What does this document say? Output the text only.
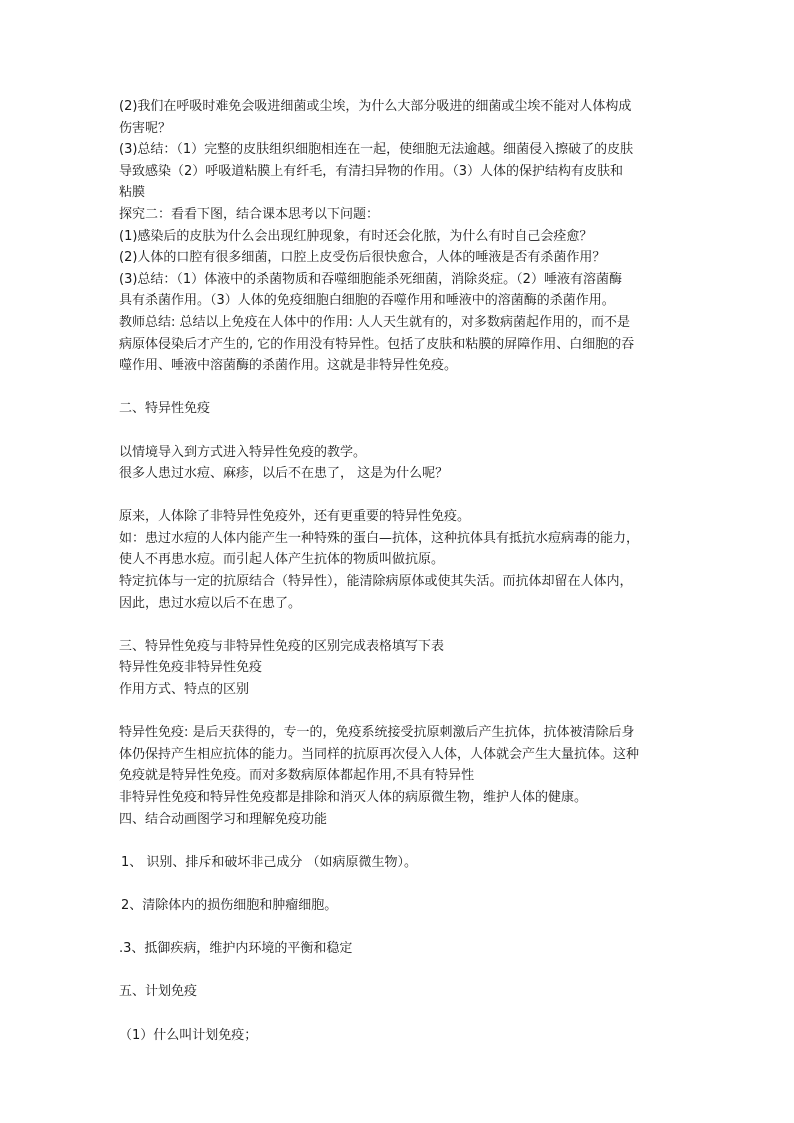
(2)我们在呼吸时难免会吸进细菌或尘埃，为什么大部分吸进的细菌或尘埃不能对人体构成
伤害呢？
(3)总结：（1）完整的皮肤组织细胞相连在一起，使细胞无法逾越。细菌侵入擦破了的皮肤
导致感染（2）呼吸道粘膜上有纤毛，有清扫异物的作用。（3）人体的保护结构有皮肤和
粘膜
探究二：看看下图，结合课本思考以下问题：
(1)感染后的皮肤为什么会出现红肿现象，有时还会化脓，为什么有时自己会痊愈？
(2)人体的口腔有很多细菌，口腔上皮受伤后很快愈合，人体的唾液是否有杀菌作用？
(3)总结：（1）体液中的杀菌物质和吞噬细胞能杀死细菌，消除炎症。（2）唾液有溶菌酶
具有杀菌作用。（3）人体的免疫细胞白细胞的吞噬作用和唾液中的溶菌酶的杀菌作用。
教师总结: 总结以上免疫在人体中的作用: 人人天生就有的，对多数病菌起作用的，而不是
病原体侵染后才产生的, 它的作用没有特异性。包括了皮肤和粘膜的屏障作用、白细胞的吞
噬作用、唾液中溶菌酶的杀菌作用。这就是非特异性免疫。
二、特异性免疫
以情境导入到方式进入特异性免疫的教学。
很多人患过水痘、麻疹，以后不在患了， 这是为什么呢？
原来，人体除了非特异性免疫外，还有更重要的特异性免疫。
如：患过水痘的人体内能产生一种特殊的蛋白—抗体，这种抗体具有抵抗水痘病毒的能力，
使人不再患水痘。而引起人体产生抗体的物质叫做抗原。
特定抗体与一定的抗原结合（特异性），能清除病原体或使其失活。而抗体却留在人体内，
因此，患过水痘以后不在患了。
三、特异性免疫与非特异性免疫的区别完成表格填写下表
特异性免疫非特异性免疫
作用方式、特点的区别
特异性免疫: 是后天获得的，专一的，免疫系统接受抗原刺激后产生抗体，抗体被清除后身
体仍保持产生相应抗体的能力。当同样的抗原再次侵入人体，人体就会产生大量抗体。这种
免疫就是特异性免疫。而对多数病原体都起作用,不具有特异性
非特异性免疫和特异性免疫都是排除和消灭人体的病原微生物，维护人体的健康。
四、结合动画图学习和理解免疫功能
1、 识别、排斥和破坏非己成分 （如病原微生物）。
2、清除体内的损伤细胞和肿瘤细胞。
.3、抵御疾病，维护内环境的平衡和稳定
五、计划免疫
（1）什么叫计划免疫；
